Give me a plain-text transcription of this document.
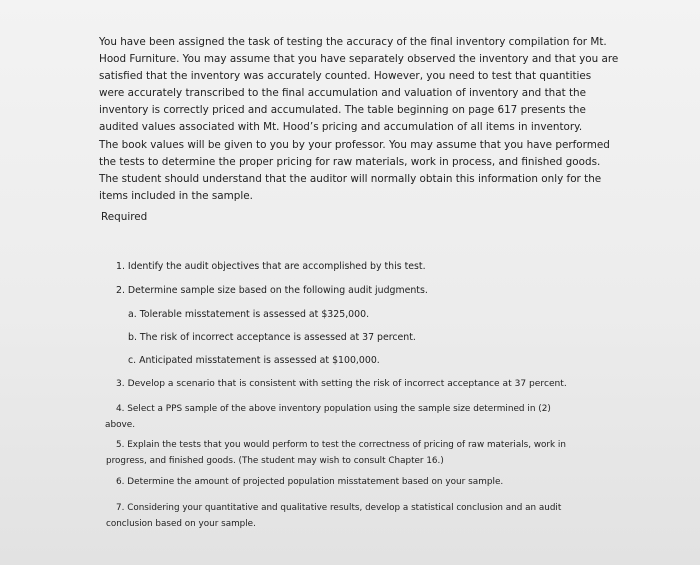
You have been assigned the task of testing the accuracy of the final inventory compilation for Mt. Hood Furniture. You may assume that you have separately observed the inventory and that you are satisfied that the inventory was accurately counted. However, you need to test that quantities were accurately transcribed to the final accumulation and valuation of inventory and that the inventory is correctly priced and accumulated. The table beginning on page 617 presents the audited values associated with Mt. Hood’s pricing and accumulation of all items in inventory.

The book values will be given to you by your professor. You may assume that you have performed the tests to determine the proper pricing for raw materials, work in process, and finished goods. The student should understand that the auditor will normally obtain this information only for the items included in the sample.

Required
1. Identify the audit objectives that are accomplished by this test.
2. Determine sample size based on the following audit judgments.
a. Tolerable misstatement is assessed at $325,000.
b. The risk of incorrect acceptance is assessed at 37 percent.
c. Anticipated misstatement is assessed at $100,000.
3. Develop a scenario that is consistent with setting the risk of incorrect acceptance at 37 percent.
4. Select a PPS sample of the above inventory population using the sample size determined in (2)
above.
5. Explain the tests that you would perform to test the correctness of pricing of raw materials, work in
progress, and finished goods. (The student may wish to consult Chapter 16.)
6. Determine the amount of projected population misstatement based on your sample.
7. Considering your quantitative and qualitative results, develop a statistical conclusion and an audit
conclusion based on your sample.
